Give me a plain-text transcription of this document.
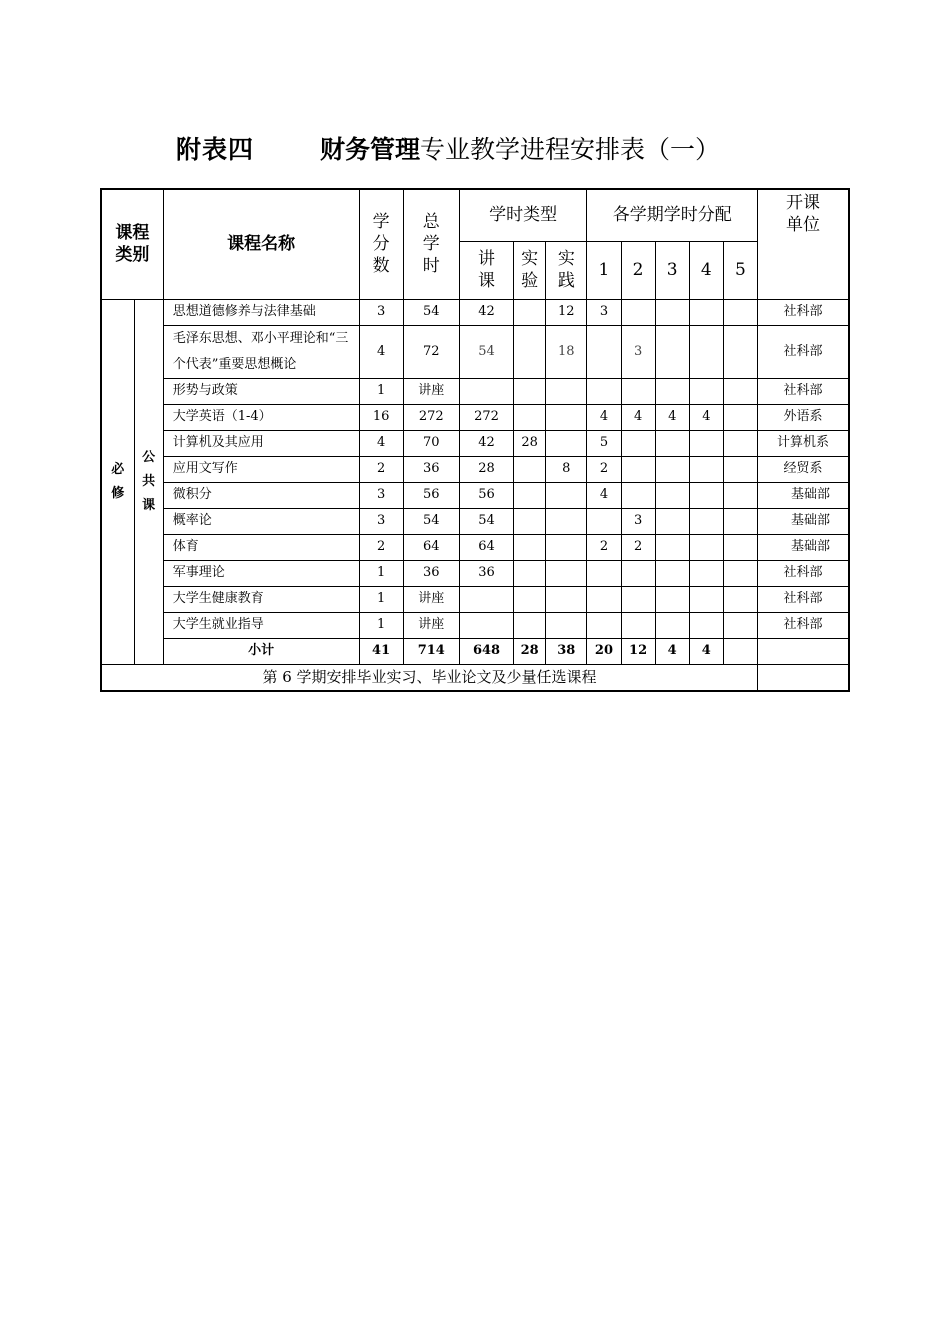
附表四	财务管理专业教学进程安排表（一）
课程类别		课程名称	学分数	总学时	学时类型			各学期学时分配					开课单位
					讲课	实验	实践	1	2	3	4	5	
必修	公共课	思想道德修养与法律基础	3	54	42		12	3					社科部
		毛泽东思想、邓小平理论和“三个代表”重要思想概论	4	72	54		18		3				社科部
		形势与政策	1	讲座									社科部
		大学英语（1-4）	16	272	272			4	4	4	4		外语系
		计算机及其应用	4	70	42	28		5					计算机系
		应用文写作	2	36	28		8	2					经贸系
		微积分	3	56	56			4					基础部
		概率论	3	54	54				3				基础部
		体育	2	64	64			2	2				基础部
		军事理论	1	36	36								社科部
		大学生健康教育	1	讲座									社科部
		大学生就业指导	1	讲座									社科部
		小计	41	714	648	28	38	20	12	4	4		
第 6 学期安排毕业实习、毕业论文及少量任选课程													
